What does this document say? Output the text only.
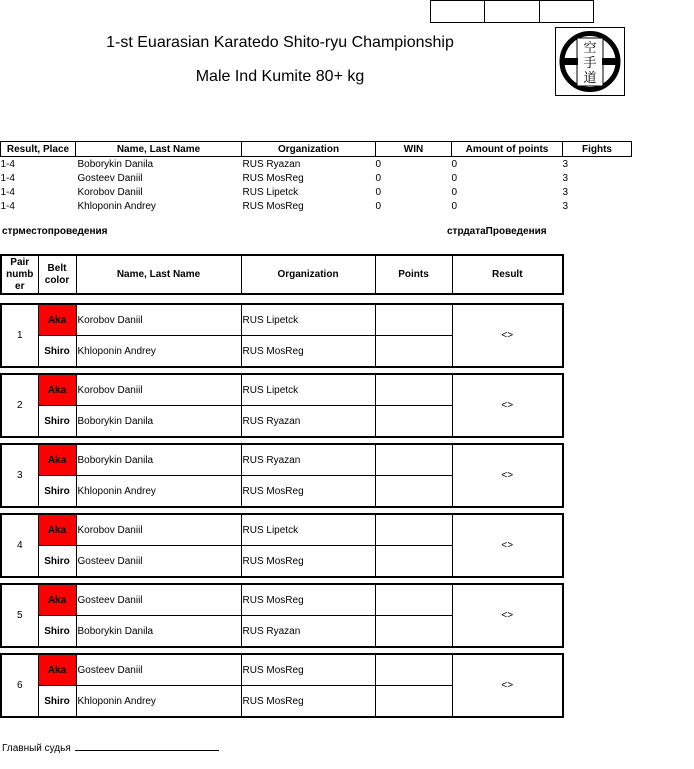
1-st Euarasian Karatedo Shito-ryu Championship
Male Ind Kumite 80+ kg
空
手
道
Result, Place	Name, Last Name	Organization	WIN	Amount of points	Fights
1-4	Boborykin Danila	RUS Ryazan	0	0	3
1-4	Gosteev Daniil	RUS MosReg	0	0	3
1-4	Korobov Daniil	RUS Lipetck	0	0	3
1-4	Khloponin Andrey	RUS MosReg	0	0	3
стрместопроведения	стрдатаПроведения
Pair numb er	Belt color	Name, Last Name	Organization	Points	Result
1	Aka	Korobov Daniil	RUS Lipetck		<>
	Shiro	Khloponin Andrey	RUS MosReg		
2	Aka	Korobov Daniil	RUS Lipetck		<>
	Shiro	Boborykin Danila	RUS Ryazan		
3	Aka	Boborykin Danila	RUS Ryazan		<>
	Shiro	Khloponin Andrey	RUS MosReg		
4	Aka	Korobov Daniil	RUS Lipetck		<>
	Shiro	Gosteev Daniil	RUS MosReg		
5	Aka	Gosteev Daniil	RUS MosReg		<>
	Shiro	Boborykin Danila	RUS Ryazan		
6	Aka	Gosteev Daniil	RUS MosReg		<>
	Shiro	Khloponin Andrey	RUS MosReg		
Главный судья
